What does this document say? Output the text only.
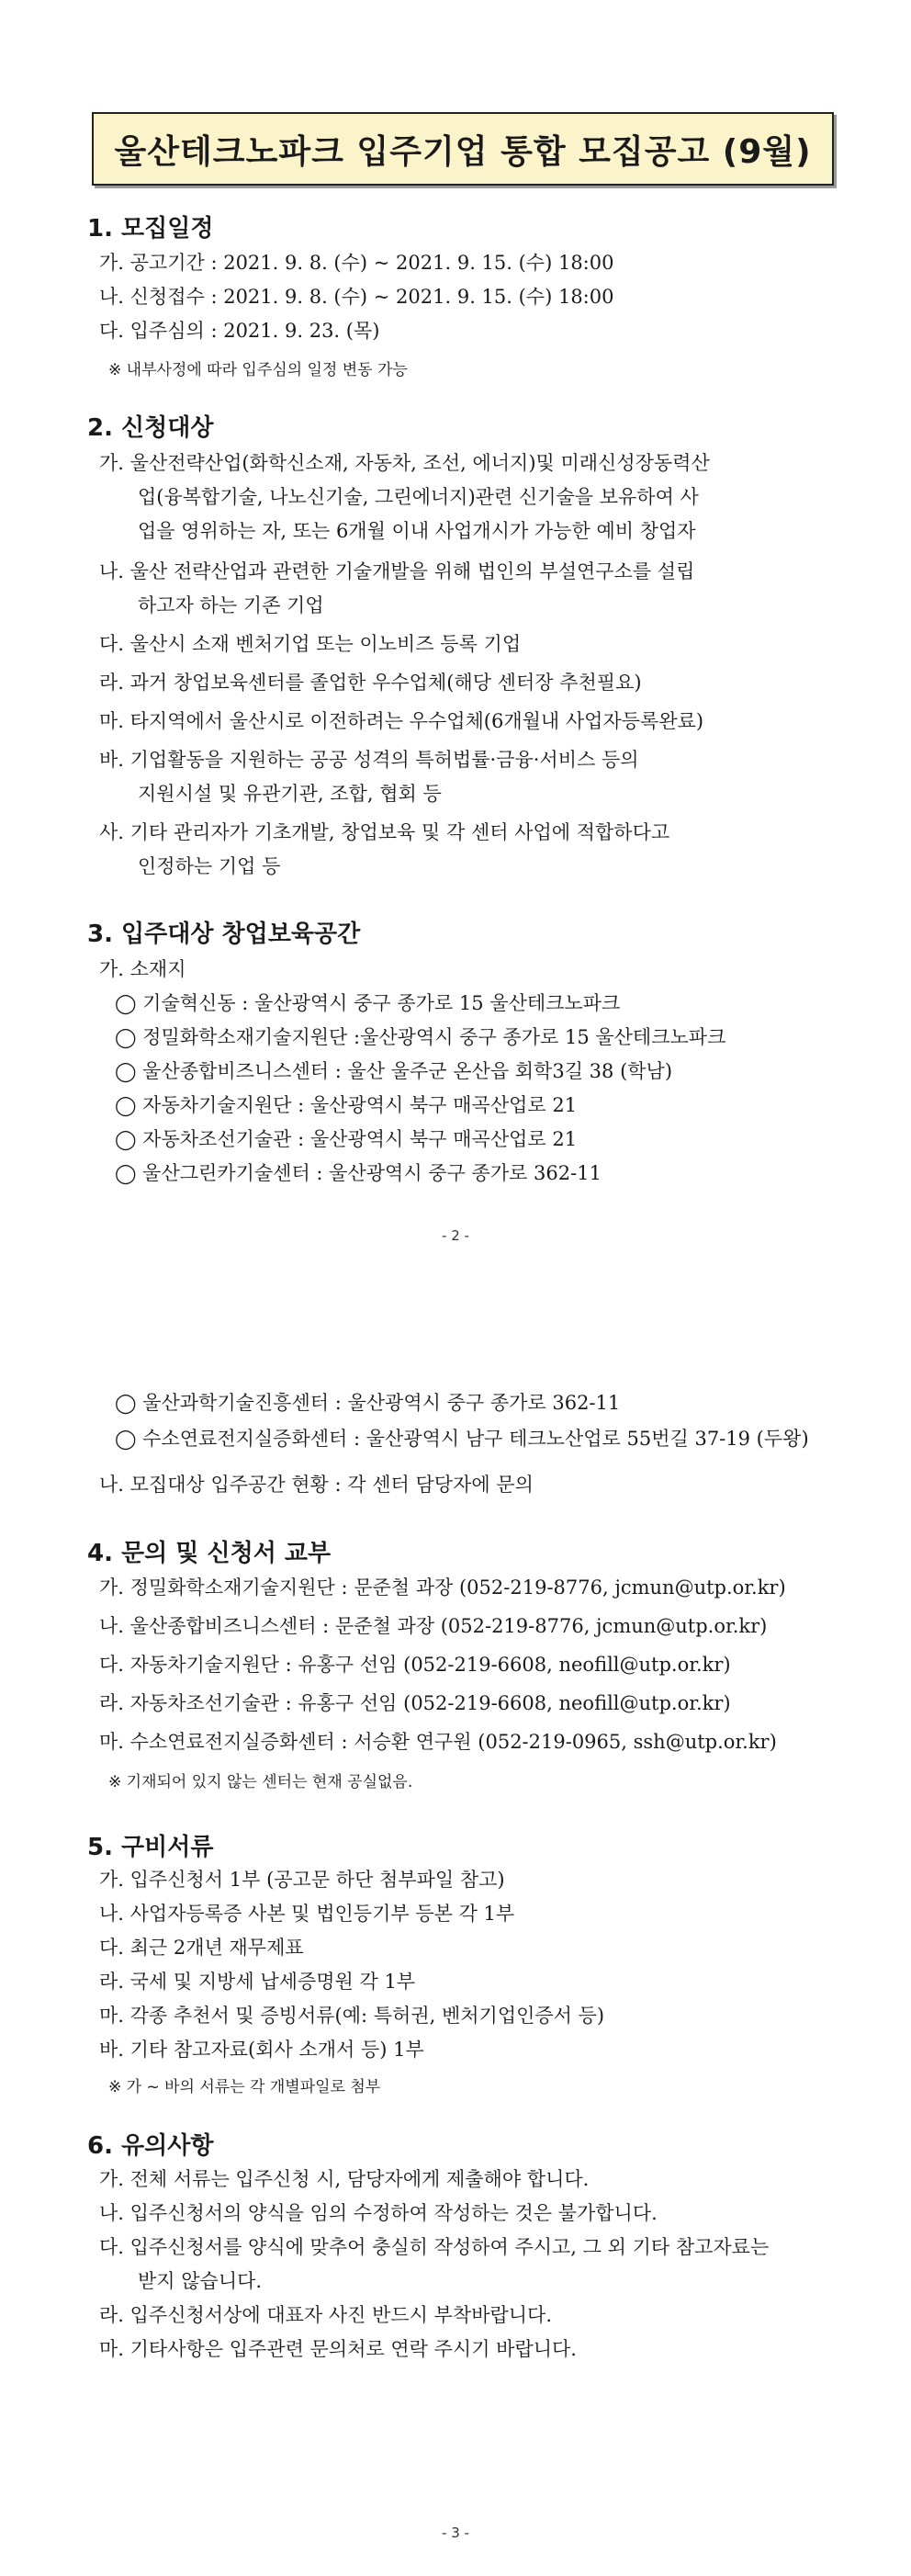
울산테크노파크 입주기업 통합 모집공고 (9월)
1. 모집일정
가. 공고기간 : 2021. 9. 8. (수) ~ 2021. 9. 15. (수) 18:00
나. 신청접수 : 2021. 9. 8. (수) ~ 2021. 9. 15. (수) 18:00
다. 입주심의 : 2021. 9. 23. (목)
※ 내부사정에 따라 입주심의 일정 변동 가능
2. 신청대상
가. 울산전략산업(화학신소재, 자동차, 조선, 에너지)및 미래신성장동력산
업(융복합기술, 나노신기술, 그린에너지)관련 신기술을 보유하여 사
업을 영위하는 자, 또는 6개월 이내 사업개시가 가능한 예비 창업자
나. 울산 전략산업과 관련한 기술개발을 위해 법인의 부설연구소를 설립
하고자 하는 기존 기업
다. 울산시 소재 벤처기업 또는 이노비즈 등록 기업
라. 과거 창업보육센터를 졸업한 우수업체(해당 센터장 추천필요)
마. 타지역에서 울산시로 이전하려는 우수업체(6개월내 사업자등록완료)
바. 기업활동을 지원하는 공공 성격의 특허법률·금융·서비스 등의
지원시설 및 유관기관, 조합, 협회 등
사. 기타 관리자가 기초개발, 창업보육 및 각 센터 사업에 적합하다고
인정하는 기업 등
3. 입주대상 창업보육공간
가. 소재지
◯ 기술혁신동 : 울산광역시 중구 종가로 15 울산테크노파크
◯ 정밀화학소재기술지원단 :울산광역시 중구 종가로 15 울산테크노파크
◯ 울산종합비즈니스센터 : 울산 울주군 온산읍 회학3길 38 (학남)
◯ 자동차기술지원단 : 울산광역시 북구 매곡산업로 21
◯ 자동차조선기술관 : 울산광역시 북구 매곡산업로 21
◯ 울산그린카기술센터 : 울산광역시 중구 종가로 362-11
- 2 -
◯ 울산과학기술진흥센터 : 울산광역시 중구 종가로 362-11
◯ 수소연료전지실증화센터 : 울산광역시 남구 테크노산업로 55번길 37-19 (두왕)
나. 모집대상 입주공간 현황 : 각 센터 담당자에 문의
4. 문의 및 신청서 교부
가. 정밀화학소재기술지원단 : 문준철 과장 (052-219-8776, jcmun@utp.or.kr)
나. 울산종합비즈니스센터 : 문준철 과장 (052-219-8776, jcmun@utp.or.kr)
다. 자동차기술지원단 : 유홍구 선임 (052-219-6608, neofill@utp.or.kr)
라. 자동차조선기술관 : 유홍구 선임 (052-219-6608, neofill@utp.or.kr)
마. 수소연료전지실증화센터 : 서승환 연구원 (052-219-0965, ssh@utp.or.kr)
※ 기재되어 있지 않는 센터는 현재 공실없음.
5. 구비서류
가. 입주신청서 1부 (공고문 하단 첨부파일 참고)
나. 사업자등록증 사본 및 법인등기부 등본 각 1부
다. 최근 2개년 재무제표
라. 국세 및 지방세 납세증명원 각 1부
마. 각종 추천서 및 증빙서류(예: 특허권, 벤처기업인증서 등)
바. 기타 참고자료(회사 소개서 등) 1부
※ 가 ~ 바의 서류는 각 개별파일로 첨부
6. 유의사항
가. 전체 서류는 입주신청 시, 담당자에게 제출해야 합니다.
나. 입주신청서의 양식을 임의 수정하여 작성하는 것은 불가합니다.
다. 입주신청서를 양식에 맞추어 충실히 작성하여 주시고, 그 외 기타 참고자료는
받지 않습니다.
라. 입주신청서상에 대표자 사진 반드시 부착바랍니다.
마. 기타사항은 입주관련 문의처로 연락 주시기 바랍니다.
- 3 -
